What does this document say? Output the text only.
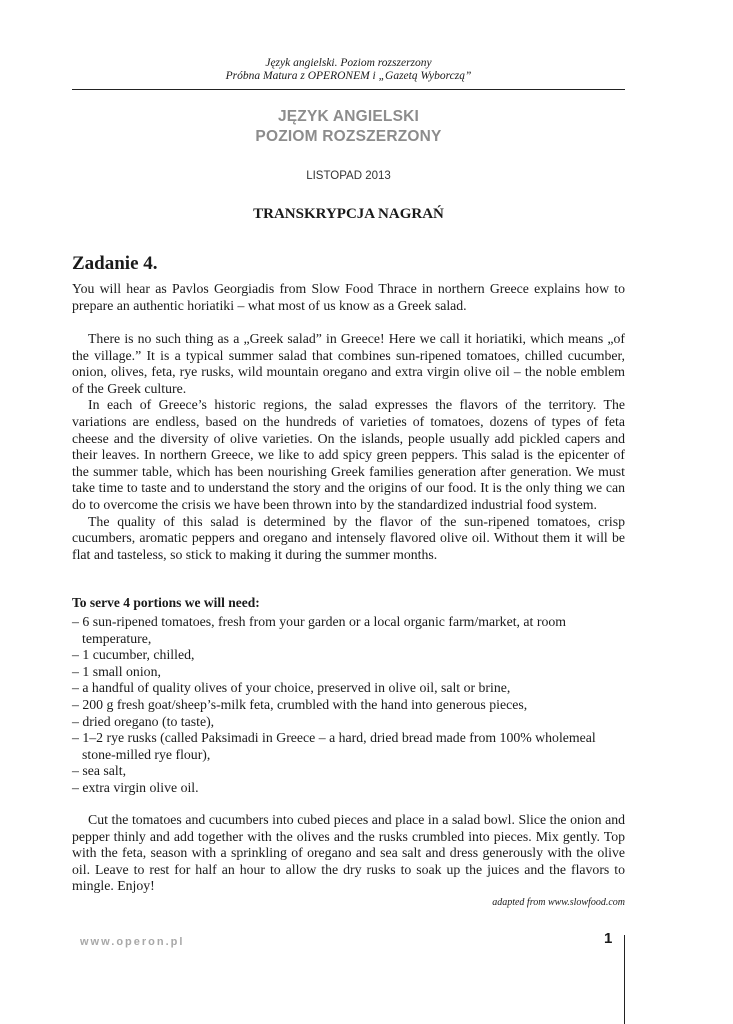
Język angielski. Poziom rozszerzony
Próbna Matura z OPERONEM i „Gazetą Wyborczą”
JĘZYK ANGIELSKI
POZIOM ROZSZERZONY
LISTOPAD 2013
TRANSKRYPCJA NAGRAŃ
Zadanie 4.

You will hear as Pavlos Georgiadis from Slow Food Thrace in northern Greece explains how to prepare an authentic horiatiki – what most of us know as a Greek salad.

There is no such thing as a „Greek salad” in Greece! Here we call it horiatiki, which means „of the village.” It is a typical summer salad that combines sun-ripened tomatoes, chilled cucumber, onion, olives, feta, rye rusks, wild mountain oregano and extra virgin olive oil – the noble emblem of the Greek culture.

In each of Greece’s historic regions, the salad expresses the flavors of the territory. The variations are endless, based on the hundreds of varieties of tomatoes, dozens of types of feta cheese and the diversity of olive varieties. On the islands, people usually add pickled capers and their leaves. In northern Greece, we like to add spicy green peppers. This salad is the epicenter of the summer table, which has been nourishing Greek families generation after generation. We must take time to taste and to understand the story and the origins of our food. It is the only thing we can do to overcome the crisis we have been thrown into by the standardized industrial food system.

The quality of this salad is determined by the flavor of the sun-ripened tomatoes, crisp cucumbers, aromatic peppers and oregano and intensely flavored olive oil. Without them it will be flat and tasteless, so stick to making it during the summer months.

To serve 4 portions we will need:
– 6 sun-ripened tomatoes, fresh from your garden or a local organic farm/market, at room temperature,
– 1 cucumber, chilled,
– 1 small onion,
– a handful of quality olives of your choice, preserved in olive oil, salt or brine,
– 200 g fresh goat/sheep’s-milk feta, crumbled with the hand into generous pieces,
– dried oregano (to taste),
– 1–2 rye rusks (called Paksimadi in Greece – a hard, dried bread made from 100% wholemeal stone-milled rye flour),
– sea salt,
– extra virgin olive oil.

Cut the tomatoes and cucumbers into cubed pieces and place in a salad bowl. Slice the onion and pepper thinly and add together with the olives and the rusks crumbled into pieces. Mix gently. Top with the feta, season with a sprinkling of oregano and sea salt and dress generously with the olive oil. Leave to rest for half an hour to allow the dry rusks to soak up the juices and the flavors to mingle. Enjoy!

adapted from www.slowfood.com
www.operon.pl	1
